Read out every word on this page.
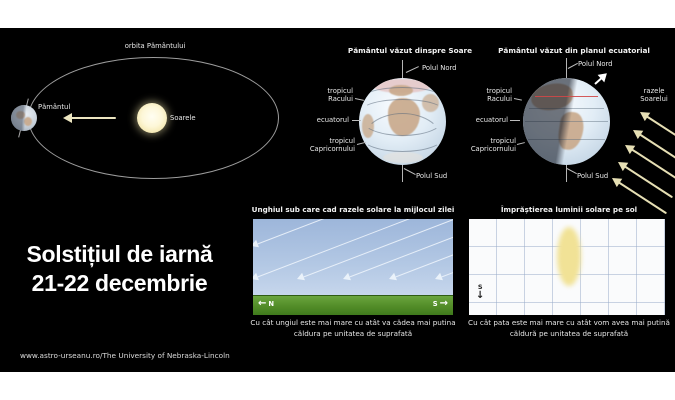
orbita Pământului
Pământul
Soarele
Pământul văzut dinspre Soare
Polul Nord
tropicul Racului
ecuatorul
tropicul Capricornului
Polul Sud
Pământul văzut din planul ecuatorial
Polul Nord
tropicul Racului
ecuatorul
tropicul Capricornului
Polul Sud
razele Soarelui
Unghiul sub care cad razele solare la mijlocul zilei
← N	S →
Cu cât ungiul este mai mare cu atât va cădea mai putina
căldura pe unitatea de suprafată
Împrăștierea luminii solare pe sol
S
↓
Cu cât pata este mai mare cu atât vom avea mai putină
căldură pe unitatea de suprafată
Solstițiul de iarnă
21-22 decembrie
www.astro-urseanu.ro/The University of Nebraska-Lincoln
